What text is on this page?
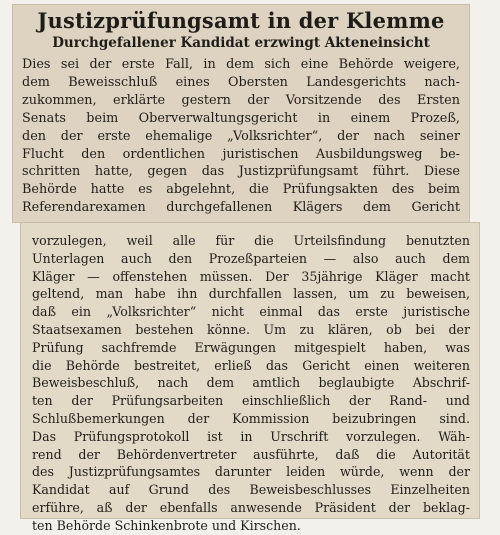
Justizprüfungsamt in der Klemme
Durchgefallener Kandidat erzwingt Akteneinsicht
Dies sei der erste Fall, in dem sich eine Behörde weigere,
dem Beweisschluß eines Obersten Landesgerichts nach-
zukommen, erklärte gestern der Vorsitzende des Ersten
Senats beim Oberverwaltungsgericht in einem Prozeß,
den der erste ehemalige „Volksrichter“, der nach seiner
Flucht den ordentlichen juristischen Ausbildungsweg be-
schritten hatte, gegen das Justizprüfungsamt führt. Diese
Behörde hatte es abgelehnt, die Prüfungsakten des beim
Referendarexamen durchgefallenen Klägers dem Gericht
vorzulegen, weil alle für die Urteilsfindung benutzten
Unterlagen auch den Prozeßparteien — also auch dem
Kläger — offenstehen müssen. Der 35jährige Kläger macht
geltend, man habe ihn durchfallen lassen, um zu beweisen,
daß ein „Volksrichter“ nicht einmal das erste juristische
Staatsexamen bestehen könne. Um zu klären, ob bei der
Prüfung sachfremde Erwägungen mitgespielt haben, was
die Behörde bestreitet, erließ das Gericht einen weiteren
Beweisbeschluß, nach dem amtlich beglaubigte Abschrif-
ten der Prüfungsarbeiten einschließlich der Rand- und
Schlußbemerkungen der Kommission beizubringen sind.
Das Prüfungsprotokoll ist in Urschrift vorzulegen. Wäh-
rend der Behördenvertreter ausführte, daß die Autorität
des Justizprüfungsamtes darunter leiden würde, wenn der
Kandidat auf Grund des Beweisbeschlusses Einzelheiten
erführe, aß der ebenfalls anwesende Präsident der beklag-
ten Behörde Schinkenbrote und Kirschen.
